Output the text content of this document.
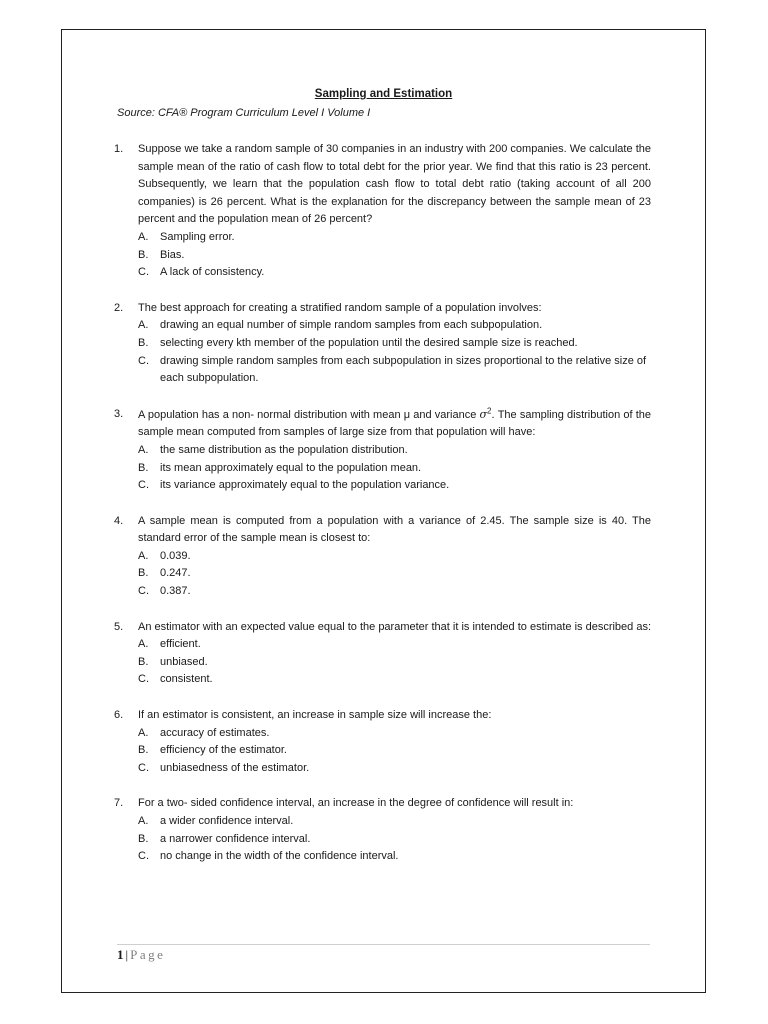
Sampling and Estimation
Source: CFA® Program Curriculum Level I Volume I
1.	Suppose we take a random sample of 30 companies in an industry with 200 companies. We calculate the sample mean of the ratio of cash flow to total debt for the prior year. We find that this ratio is 23 percent. Subsequently, we learn that the population cash flow to total debt ratio (taking account of all 200 companies) is 26 percent. What is the explanation for the discrepancy between the sample mean of 23 percent and the population mean of 26 percent?
A.	Sampling error.
B.	Bias.
C.	A lack of consistency.
2.	The best approach for creating a stratified random sample of a population involves:
A.	drawing an equal number of simple random samples from each subpopulation.
B.	selecting every kth member of the population until the desired sample size is reached.
C.	drawing simple random samples from each subpopulation in sizes proportional to the relative size of each subpopulation.
3.	A population has a non- normal distribution with mean μ and variance $\sigma^2$. The sampling distribution of the sample mean computed from samples of large size from that population will have:
A.	the same distribution as the population distribution.
B.	its mean approximately equal to the population mean.
C.	its variance approximately equal to the population variance.
4.	A sample mean is computed from a population with a variance of 2.45. The sample size is 40. The standard error of the sample mean is closest to:
A.	0.039.
B.	0.247.
C.	0.387.
5.	An estimator with an expected value equal to the parameter that it is intended to estimate is described as:
A.	efficient.
B.	unbiased.
C.	consistent.
6.	If an estimator is consistent, an increase in sample size will increase the:
A.	accuracy of estimates.
B.	efficiency of the estimator.
C.	unbiasedness of the estimator.
7.	For a two- sided confidence interval, an increase in the degree of confidence will result in:
A.	a wider confidence interval.
B.	a narrower confidence interval.
C.	no change in the width of the confidence interval.
1 | Page
